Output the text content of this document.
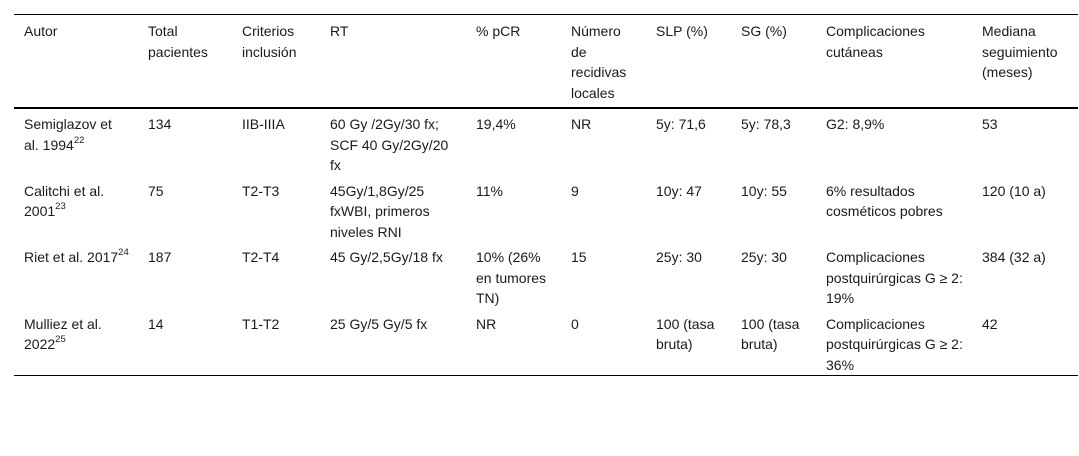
Autor	Total pacientes	Criterios inclusión	RT	% pCR	Número de recidivas locales	SLP (%)	SG (%)	Complicaciones cutáneas	Mediana seguimiento (meses)
Semiglazov et al. 1994$^{22}$	134	IIB-IIIA	60 Gy /2Gy/30 fx; SCF 40 Gy/2Gy/20 fx	19,4%	NR	5y: 71,6	5y: 78,3	G2: 8,9%	53
Calitchi et al. 2001$^{23}$	75	T2-T3	45Gy/1,8Gy/25 fxWBI, primeros niveles RNI	11%	9	10y: 47	10y: 55	6% resultados cosméticos pobres	120 (10 a)
Riet et al. 2017$^{24}$	187	T2-T4	45 Gy/2,5Gy/18 fx	10% (26% en tumores TN)	15	25y: 30	25y: 30	Complicaciones postquirúrgicas G ≥ 2: 19%	384 (32 a)
Mulliez et al. 2022$^{25}$	14	T1-T2	25 Gy/5 Gy/5 fx	NR	0	100 (tasa bruta)	100 (tasa bruta)	Complicaciones postquirúrgicas G ≥ 2: 36%	42
